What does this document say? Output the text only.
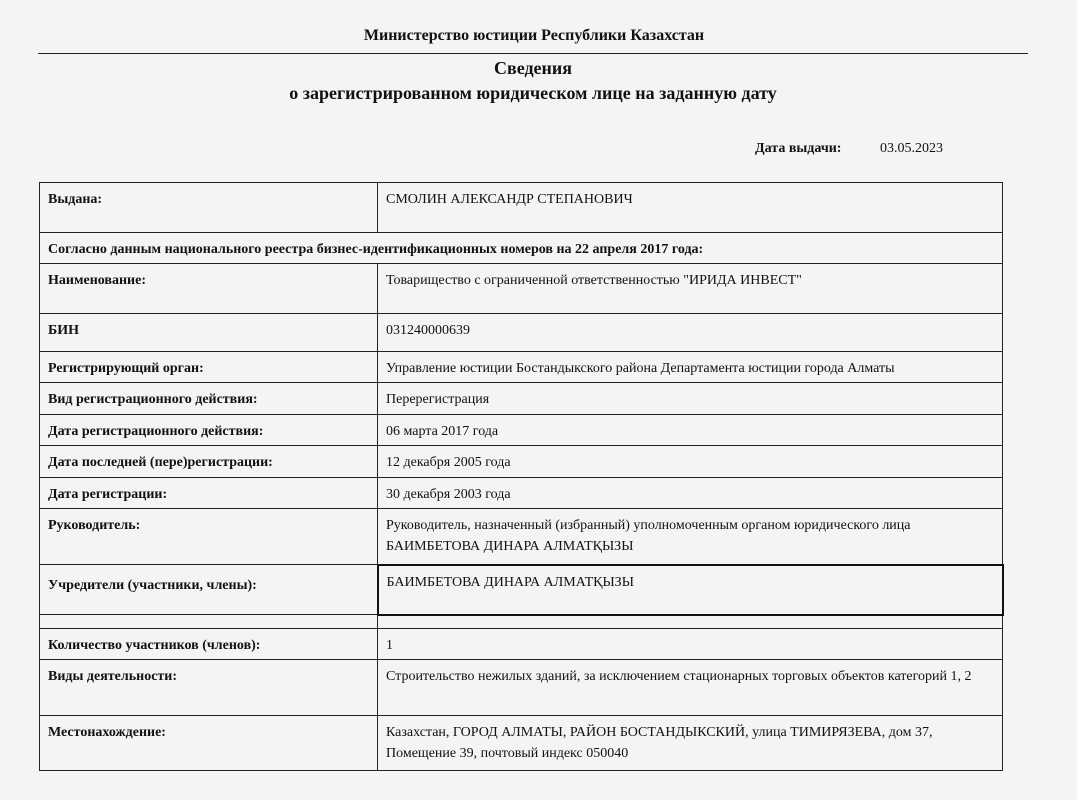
Министерство юстиции Республики Казахстан
Сведения
о зарегистрированном юридическом лице на заданную дату
Дата выдачи:	03.05.2023
Выдана:	СМОЛИН АЛЕКСАНДР СТЕПАНОВИЧ
Согласно данным национального реестра бизнес-идентификационных номеров на 22 апреля 2017 года:	
Наименование:	Товарищество с ограниченной ответственностью "ИРИДА ИНВЕСТ"
БИН	031240000639
Регистрирующий орган:	Управление юстиции Бостандыкского района Департамента юстиции города Алматы
Вид регистрационного действия:	Перерегистрация
Дата регистрационного действия:	06 марта 2017 года
Дата последней (пере)регистрации:	12 декабря 2005 года
Дата регистрации:	30 декабря 2003 года
Руководитель:	Руководитель, назначенный (избранный) уполномоченным органом юридического лица
БАИМБЕТОВА ДИНАРА АЛМАТҚЫЗЫ

Учредители (участники, члены):	БАИМБЕТОВА ДИНАРА АЛМАТҚЫЗЫ

Количество участников (членов):	1
Виды деятельности:	Строительство нежилых зданий, за исключением стационарных торговых объектов категорий 1, 2
Местонахождение:	Казахстан, ГОРОД АЛМАТЫ, РАЙОН БОСТАНДЫКСКИЙ, улица ТИМИРЯЗЕВА, дом 37, Помещение 39, почтовый индекс 050040
